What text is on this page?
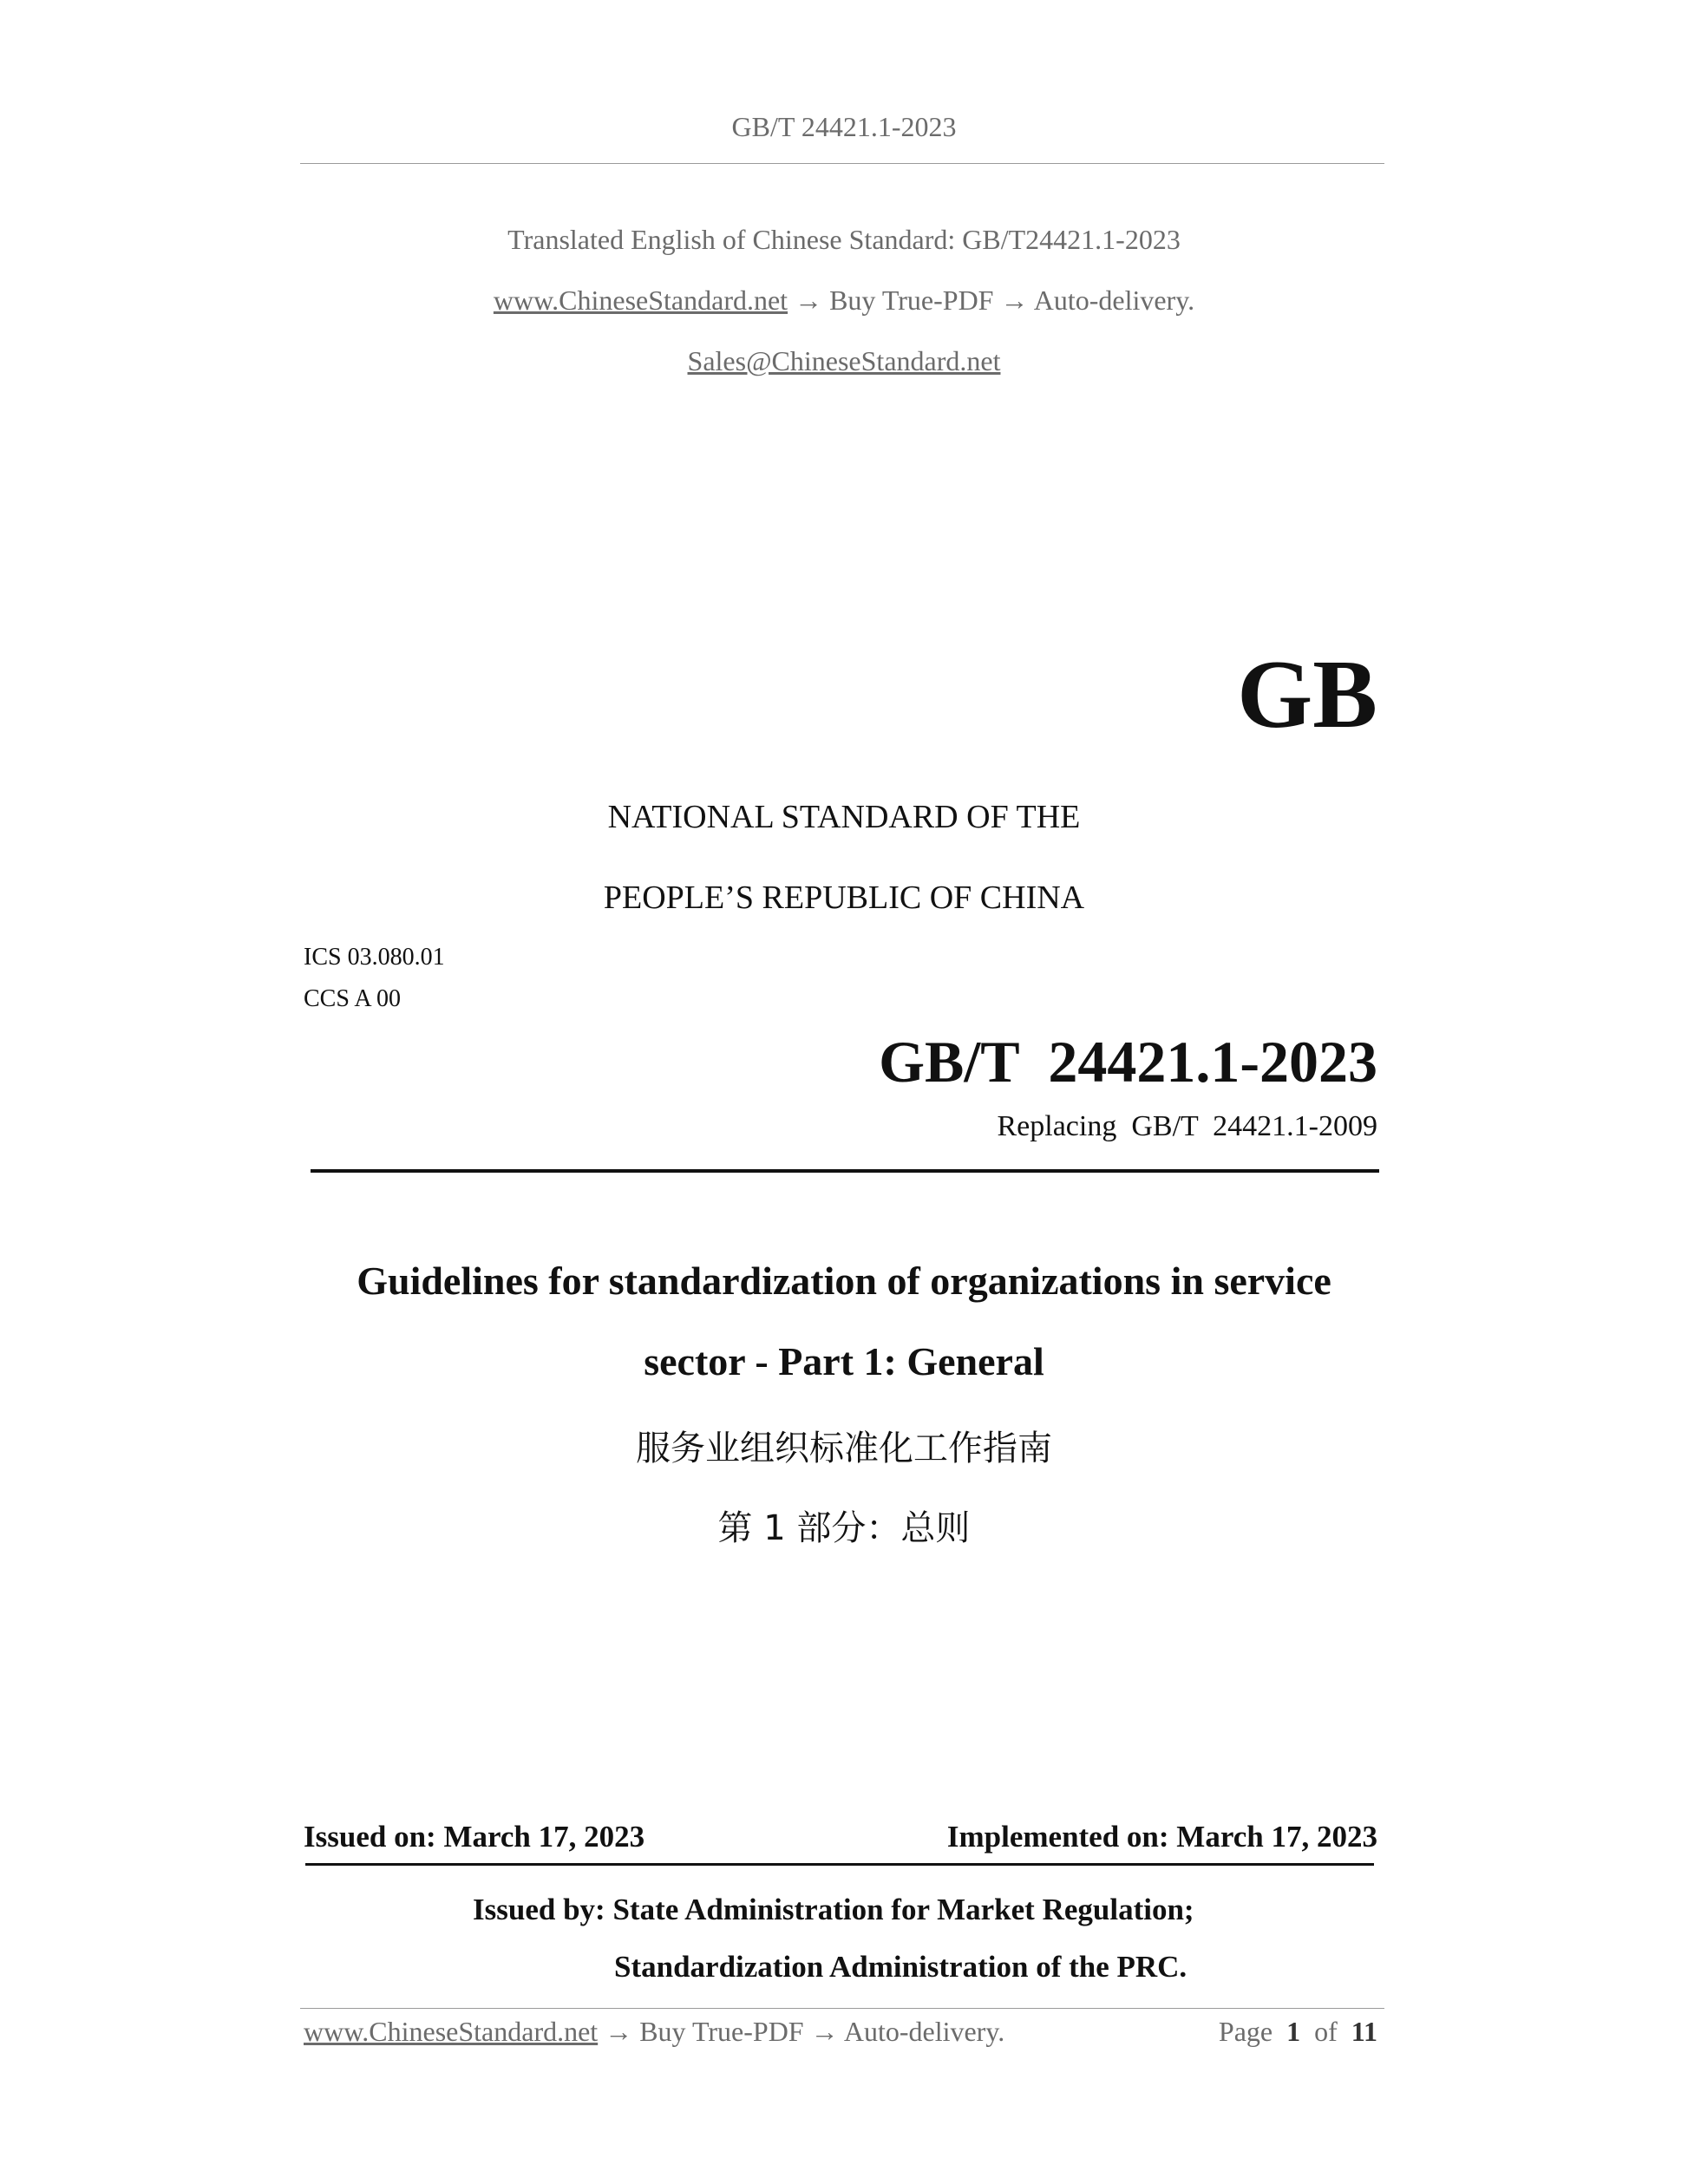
GB/T 24421.1-2023
Translated English of Chinese Standard: GB/T24421.1-2023
www.ChineseStandard.net → Buy True-PDF → Auto-delivery.
Sales@ChineseStandard.net
GB
NATIONAL STANDARD OF THE
PEOPLE’S REPUBLIC OF CHINA
ICS 03.080.01
CCS A 00
GB/T  24421.1-2023
Replacing  GB/T  24421.1-2009
Guidelines for standardization of organizations in service
sector - Part 1: General
服务业组织标准化工作指南
第 1 部分：总则
Issued on: March 17, 2023	Implemented on: March 17, 2023
Issued by: State Administration for Market Regulation;
Standardization Administration of the PRC.
www.ChineseStandard.net → Buy True-PDF → Auto-delivery.	Page 1 of 11
